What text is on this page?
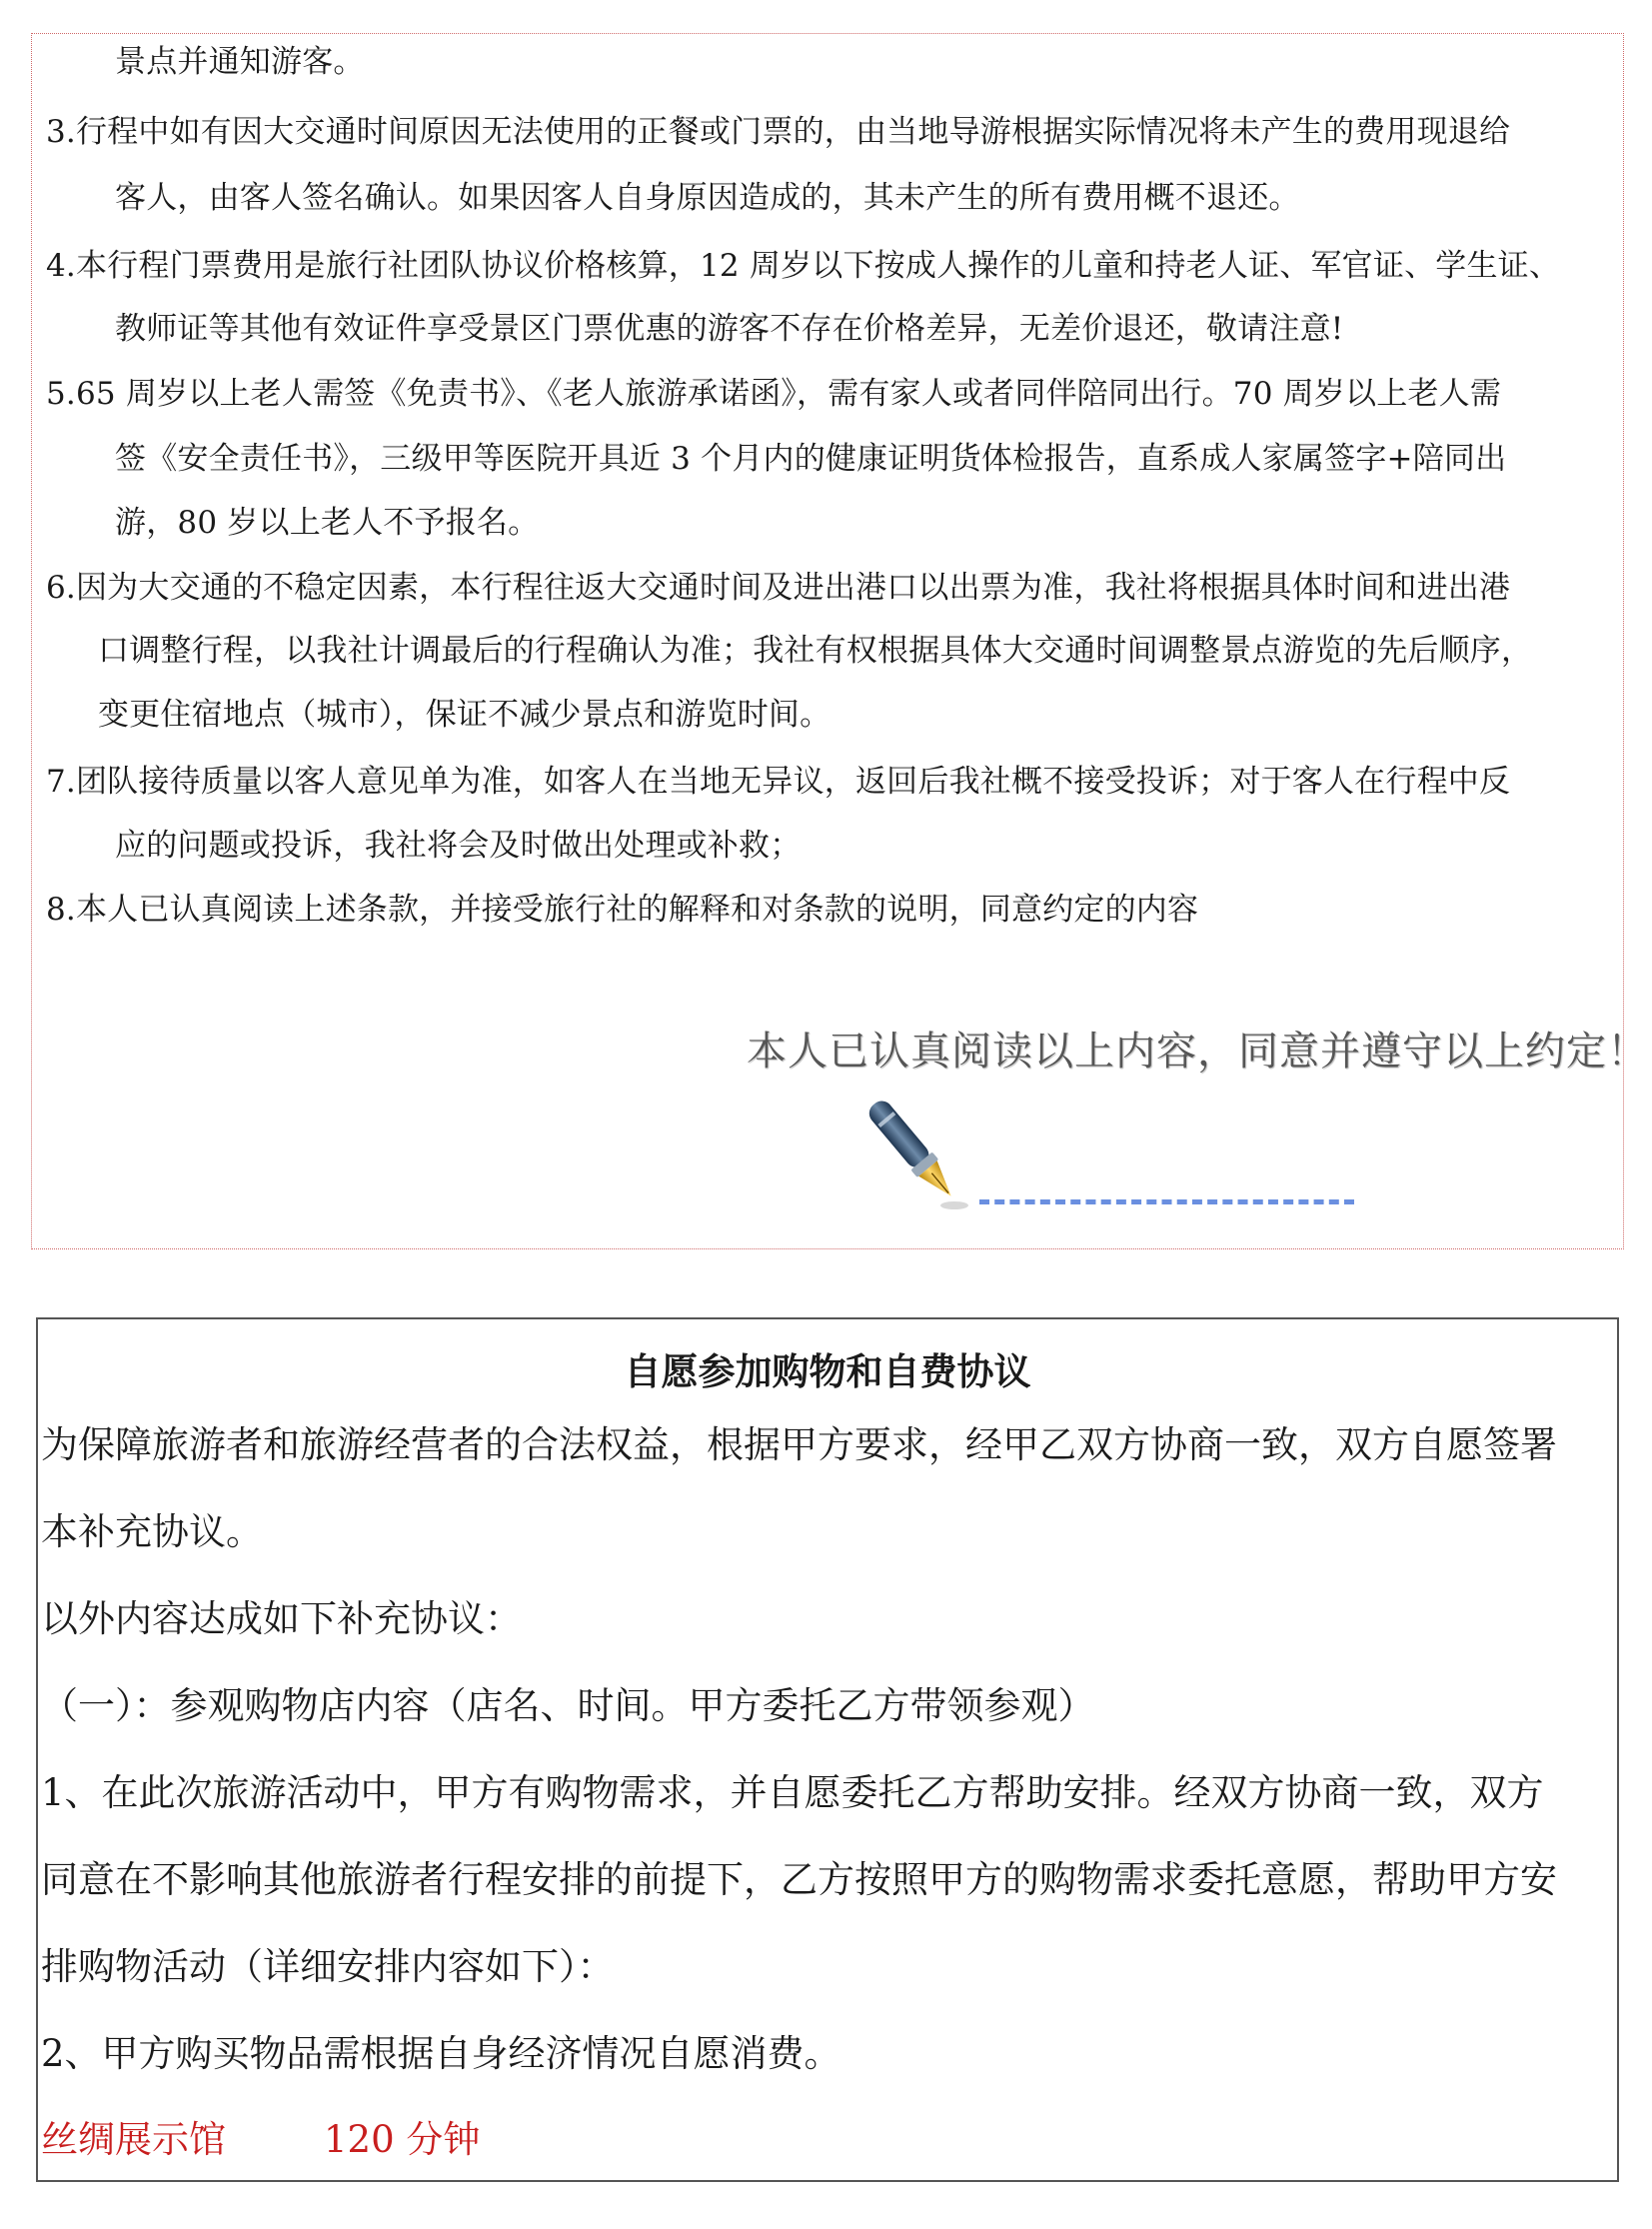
景点并通知游客。
3.行程中如有因大交通时间原因无法使用的正餐或门票的，由当地导游根据实际情况将未产生的费用现退给
客人，由客人签名确认。如果因客人自身原因造成的，其未产生的所有费用概不退还。
4.本行程门票费用是旅行社团队协议价格核算，12 周岁以下按成人操作的儿童和持老人证、军官证、学生证、
教师证等其他有效证件享受景区门票优惠的游客不存在价格差异，无差价退还，敬请注意!
5.65 周岁以上老人需签《免责书》、《老人旅游承诺函》，需有家人或者同伴陪同出行。70 周岁以上老人需
签《安全责任书》，三级甲等医院开具近 3 个月内的健康证明货体检报告，直系成人家属签字+陪同出
游，80 岁以上老人不予报名。
6.因为大交通的不稳定因素，本行程往返大交通时间及进出港口以出票为准，我社将根据具体时间和进出港
口调整行程，以我社计调最后的行程确认为准；我社有权根据具体大交通时间调整景点游览的先后顺序，
变更住宿地点（城市），保证不减少景点和游览时间。
7.团队接待质量以客人意见单为准，如客人在当地无异议，返回后我社概不接受投诉；对于客人在行程中反
应的问题或投诉，我社将会及时做出处理或补救；
8.本人已认真阅读上述条款，并接受旅行社的解释和对条款的说明，同意约定的内容
本人已认真阅读以上内容，同意并遵守以上约定！
自愿参加购物和自费协议
为保障旅游者和旅游经营者的合法权益，根据甲方要求，经甲乙双方协商一致，双方自愿签署
本补充协议。
以外内容达成如下补充协议：
（一）：参观购物店内容（店名、时间。甲方委托乙方带领参观）
1、在此次旅游活动中，甲方有购物需求，并自愿委托乙方帮助安排。经双方协商一致，双方
同意在不影响其他旅游者行程安排的前提下，乙方按照甲方的购物需求委托意愿，帮助甲方安
排购物活动（详细安排内容如下）：
2、甲方购买物品需根据自身经济情况自愿消费。
丝绸展示馆	120 分钟
